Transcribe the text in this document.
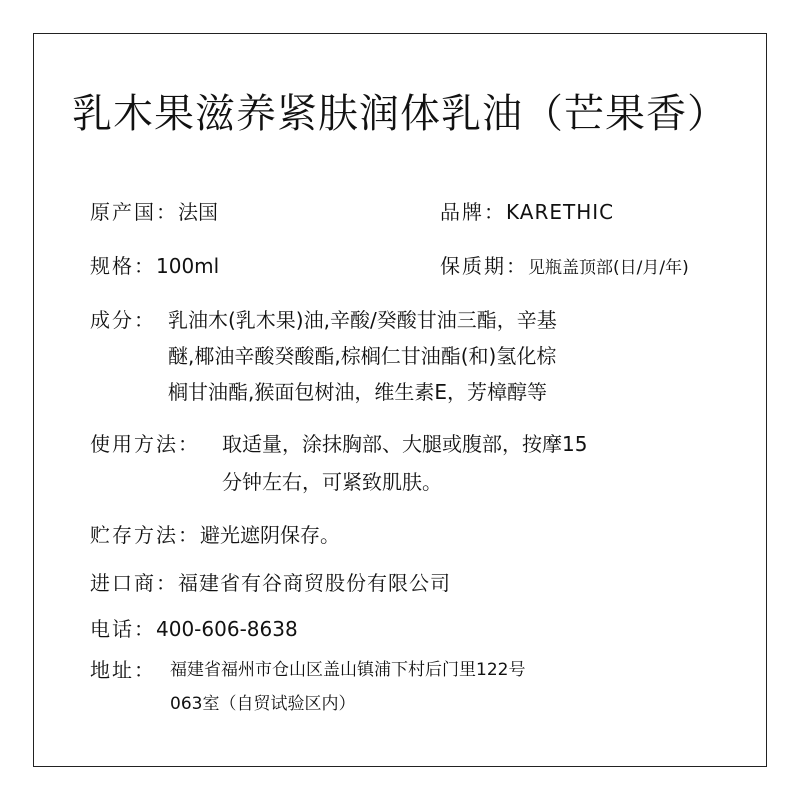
乳木果滋养紧肤润体乳油（芒果香）
原产国：法国	品牌：KARETHIC
规格：100ml	保质期：见瓶盖顶部(日/月/年)
成分： 乳油木(乳木果)油,辛酸/癸酸甘油三酯，辛基
醚,椰油辛酸癸酸酯,棕榈仁甘油酯(和)氢化棕
榈甘油酯,猴面包树油，维生素E，芳樟醇等
使用方法： 取适量，涂抹胸部、大腿或腹部，按摩15
分钟左右，可紧致肌肤。
贮存方法：避光遮阴保存。
进口商：福建省有谷商贸股份有限公司
电话：400-606-8638
地址： 福建省福州市仓山区盖山镇浦下村后门里122号
063室（自贸试验区内）
